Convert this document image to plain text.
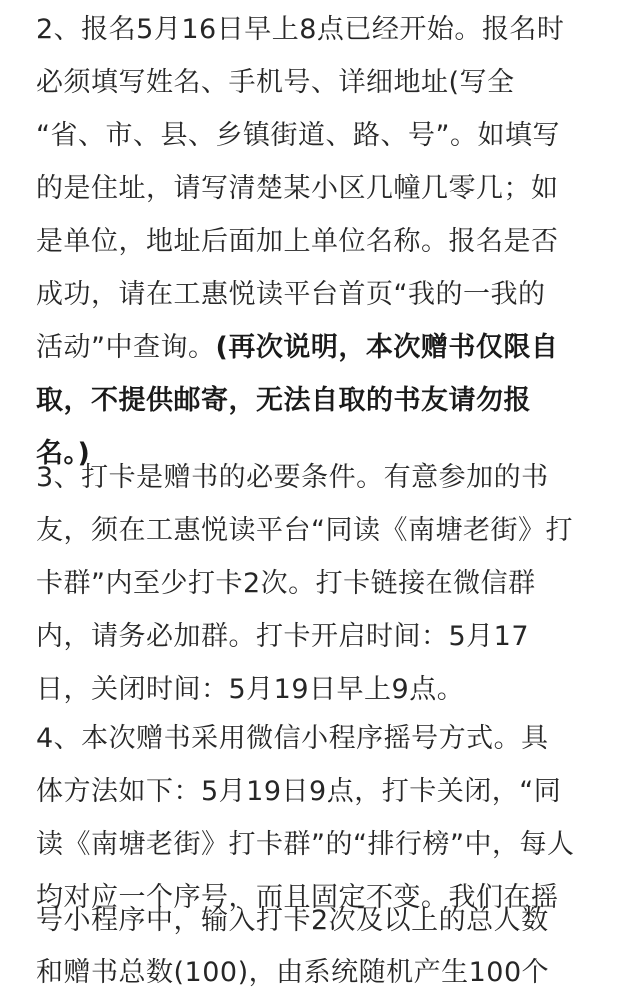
2、报名5月16日早上8点已经开始。报名时
必须填写姓名、手机号、详细地址(写全
“省、市、县、乡镇街道、路、号”。如填写
的是住址，请写清楚某小区几幢几零几；如
是单位，地址后面加上单位名称。报名是否
成功，请在工惠悦读平台首页“我的一我的
活动”中查询。(再次说明，本次赠书仅限自
取，不提供邮寄，无法自取的书友请勿报
名。)
3、打卡是赠书的必要条件。有意参加的书
友，须在工惠悦读平台“同读《南塘老街》打
卡群”内至少打卡2次。打卡链接在微信群
内，请务必加群。打卡开启时间：5月17
日，关闭时间：5月19日早上9点。
4、本次赠书采用微信小程序摇号方式。具
体方法如下：5月19日9点，打卡关闭，“同
读《南塘老街》打卡群”的“排行榜”中，每人
均对应一个序号，而且固定不变。我们在摇
号小程序中，输入打卡2次及以上的总人数
和赠书总数(100)，由系统随机产生100个
